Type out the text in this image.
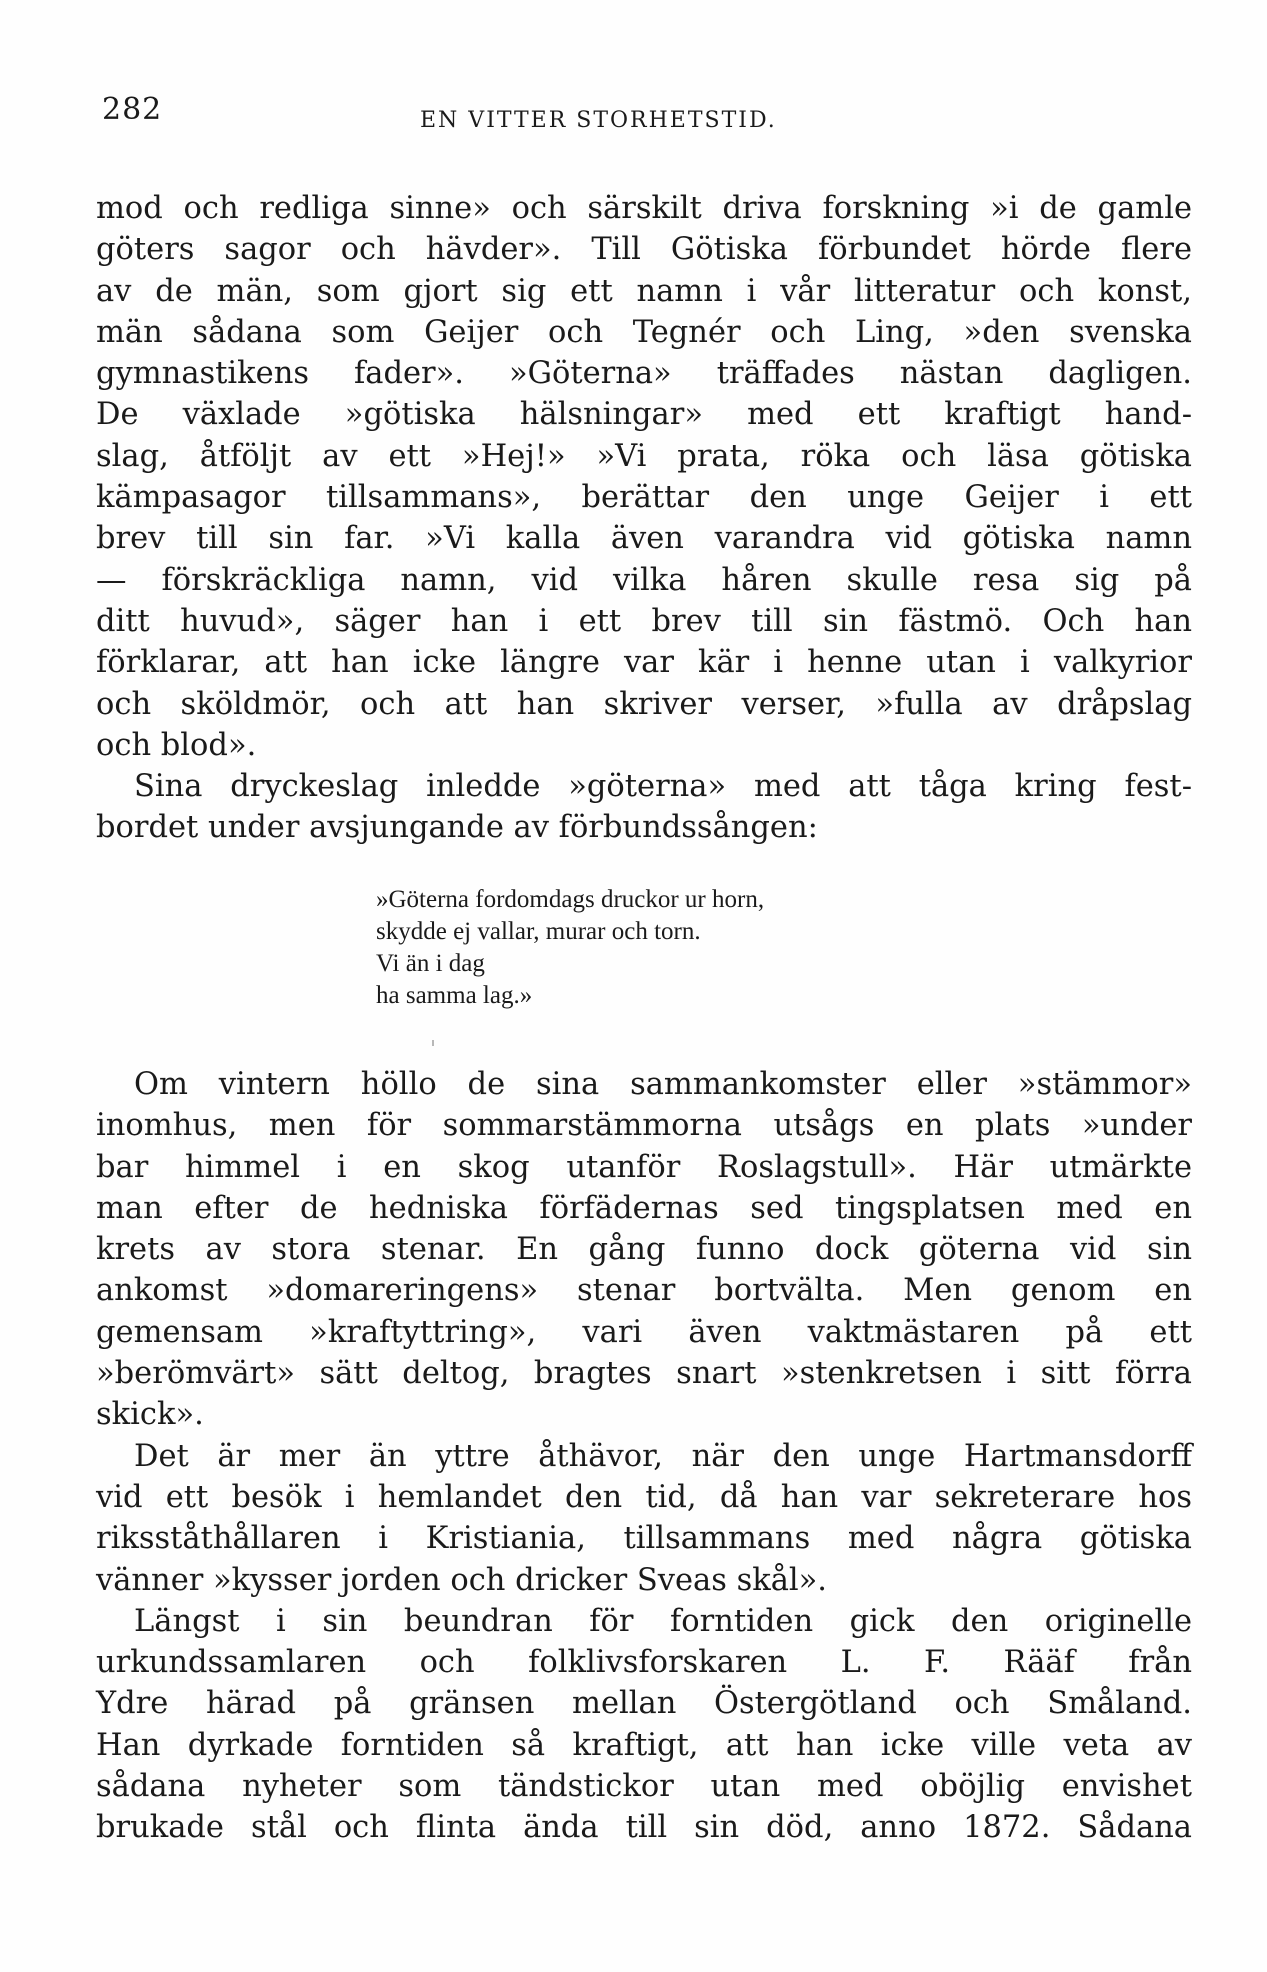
282	EN VITTER STORHETSTID.
mod och redliga sinne» och särskilt driva forskning »i de gamle
göters sagor och hävder». Till Götiska förbundet hörde flere
av de män, som gjort sig ett namn i vår litteratur och konst,
män sådana som Geijer och Tegnér och Ling, »den svenska
gymnastikens fader». »Göterna» träffades nästan dagligen.
De växlade »götiska hälsningar» med ett kraftigt hand-
slag, åtföljt av ett »Hej!» »Vi prata, röka och läsa götiska
kämpasagor tillsammans», berättar den unge Geijer i ett
brev till sin far. »Vi kalla även varandra vid götiska namn
— förskräckliga namn, vid vilka håren skulle resa sig på
ditt huvud», säger han i ett brev till sin fästmö. Och han
förklarar, att han icke längre var kär i henne utan i valkyrior
och sköldmör, och att han skriver verser, »fulla av dråpslag
och blod».
Sina dryckeslag inledde »göterna» med att tåga kring fest-
bordet under avsjungande av förbundssången:
»Göterna fordomdags druckor ur horn,
skydde ej vallar, murar och torn.
Vi än i dag
ha samma lag.»
Om vintern höllo de sina sammankomster eller »stämmor»
inomhus, men för sommarstämmorna utsågs en plats »under
bar himmel i en skog utanför Roslagstull». Här utmärkte
man efter de hedniska förfädernas sed tingsplatsen med en
krets av stora stenar. En gång funno dock göterna vid sin
ankomst »domareringens» stenar bortvälta. Men genom en
gemensam »kraftyttring», vari även vaktmästaren på ett
»berömvärt» sätt deltog, bragtes snart »stenkretsen i sitt förra
skick».
Det är mer än yttre åthävor, när den unge Hartmansdorff
vid ett besök i hemlandet den tid, då han var sekreterare hos
riksståthållaren i Kristiania, tillsammans med några götiska
vänner »kysser jorden och dricker Sveas skål».
Längst i sin beundran för forntiden gick den originelle
urkundssamlaren och folklivsforskaren L. F. Rääf från
Ydre härad på gränsen mellan Östergötland och Småland.
Han dyrkade forntiden så kraftigt, att han icke ville veta av
sådana nyheter som tändstickor utan med oböjlig envishet
brukade stål och flinta ända till sin död, anno 1872. Sådana
